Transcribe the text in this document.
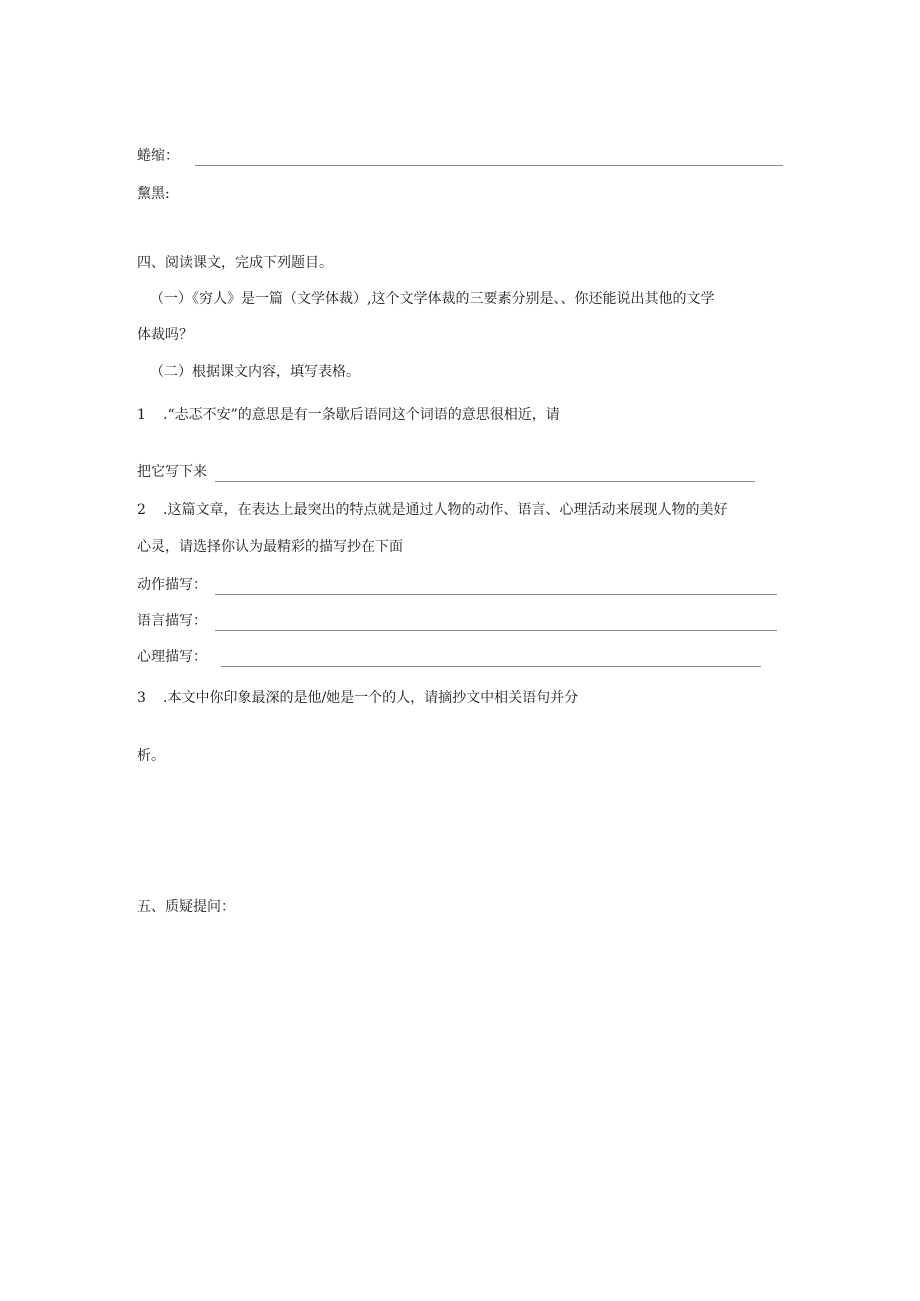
蜷缩：
黧黑:
四、阅读课文，完成下列题目。
（一）《穷人》是一篇（文学体裁）,这个文学体裁的三要素分别是、、你还能说出其他的文学
体裁吗？
（二）根据课文内容，填写表格。
1	.“忐忑不安”的意思是有一条歇后语同这个词语的意思很相近，请
把它写下来
2	.这篇文章，在表达上最突出的特点就是通过人物的动作、语言、心理活动来展现人物的美好
心灵，请选择你认为最精彩的描写抄在下面
动作描写：
语言描写：
心理描写：
3	.本文中你印象最深的是他/她是一个的人，请摘抄文中相关语句并分
析。
五、质疑提问：
